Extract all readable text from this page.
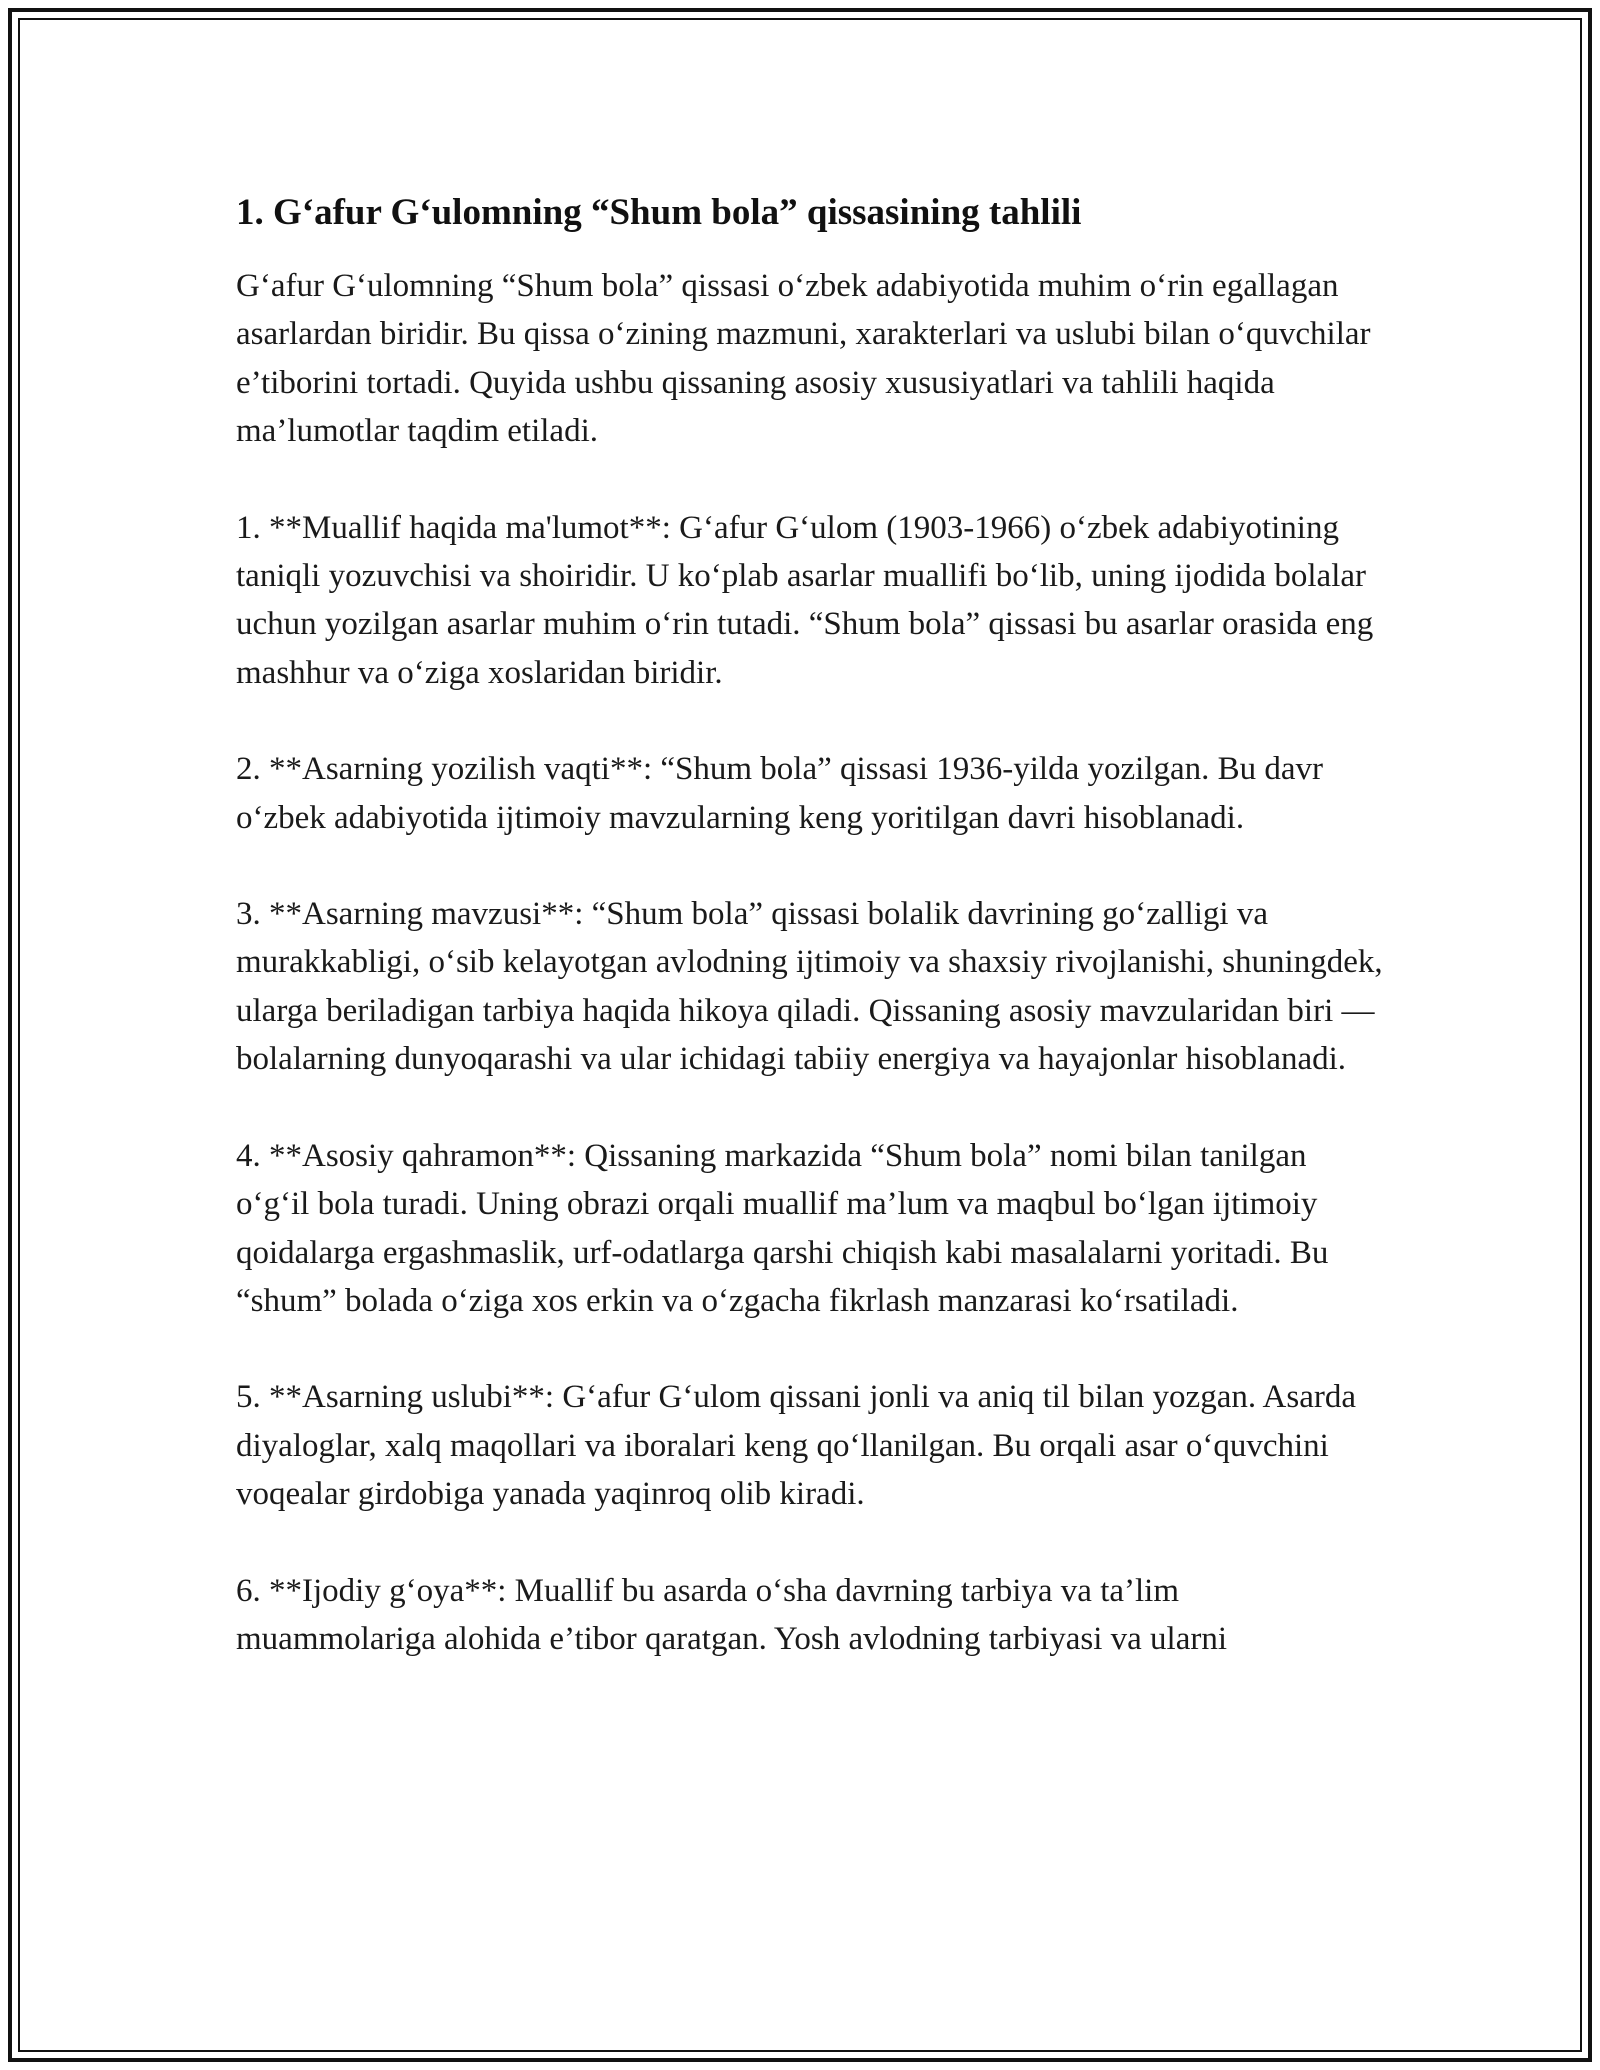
1. G‘afur G‘ulomning “Shum bola” qissasining tahlili

G‘afur G‘ulomning “Shum bola” qissasi o‘zbek adabiyotida muhim o‘rin egallagan asarlardan biridir. Bu qissa o‘zining mazmuni, xarakterlari va uslubi bilan o‘quvchilar e’tiborini tortadi. Quyida ushbu qissaning asosiy xususiyatlari va tahlili haqida ma’lumotlar taqdim etiladi.

1. **Muallif haqida ma'lumot**: G‘afur G‘ulom (1903-1966) o‘zbek adabiyotining taniqli yozuvchisi va shoiridir. U ko‘plab asarlar muallifi bo‘lib, uning ijodida bolalar uchun yozilgan asarlar muhim o‘rin tutadi. “Shum bola” qissasi bu asarlar orasida eng mashhur va o‘ziga xoslaridan biridir.

2. **Asarning yozilish vaqti**: “Shum bola” qissasi 1936-yilda yozilgan. Bu davr o‘zbek adabiyotida ijtimoiy mavzularning keng yoritilgan davri hisoblanadi.

3. **Asarning mavzusi**: “Shum bola” qissasi bolalik davrining go‘zalligi va murakkabligi, o‘sib kelayotgan avlodning ijtimoiy va shaxsiy rivojlanishi, shuningdek, ularga beriladigan tarbiya haqida hikoya qiladi. Qissaning asosiy mavzularidan biri — bolalarning dunyoqarashi va ular ichidagi tabiiy energiya va hayajonlar hisoblanadi.

4. **Asosiy qahramon**: Qissaning markazida “Shum bola” nomi bilan tanilgan o‘g‘il bola turadi. Uning obrazi orqali muallif ma’lum va maqbul bo‘lgan ijtimoiy qoidalarga ergashmaslik, urf-odatlarga qarshi chiqish kabi masalalarni yoritadi. Bu “shum” bolada o‘ziga xos erkin va o‘zgacha fikrlash manzarasi ko‘rsatiladi.

5. **Asarning uslubi**: G‘afur G‘ulom qissani jonli va aniq til bilan yozgan. Asarda diyaloglar, xalq maqollari va iboralari keng qo‘llanilgan. Bu orqali asar o‘quvchini voqealar girdobiga yanada yaqinroq olib kiradi.

6. **Ijodiy g‘oya**: Muallif bu asarda o‘sha davrning tarbiya va ta’lim muammolariga alohida e’tibor qaratgan. Yosh avlodning tarbiyasi va ularni
